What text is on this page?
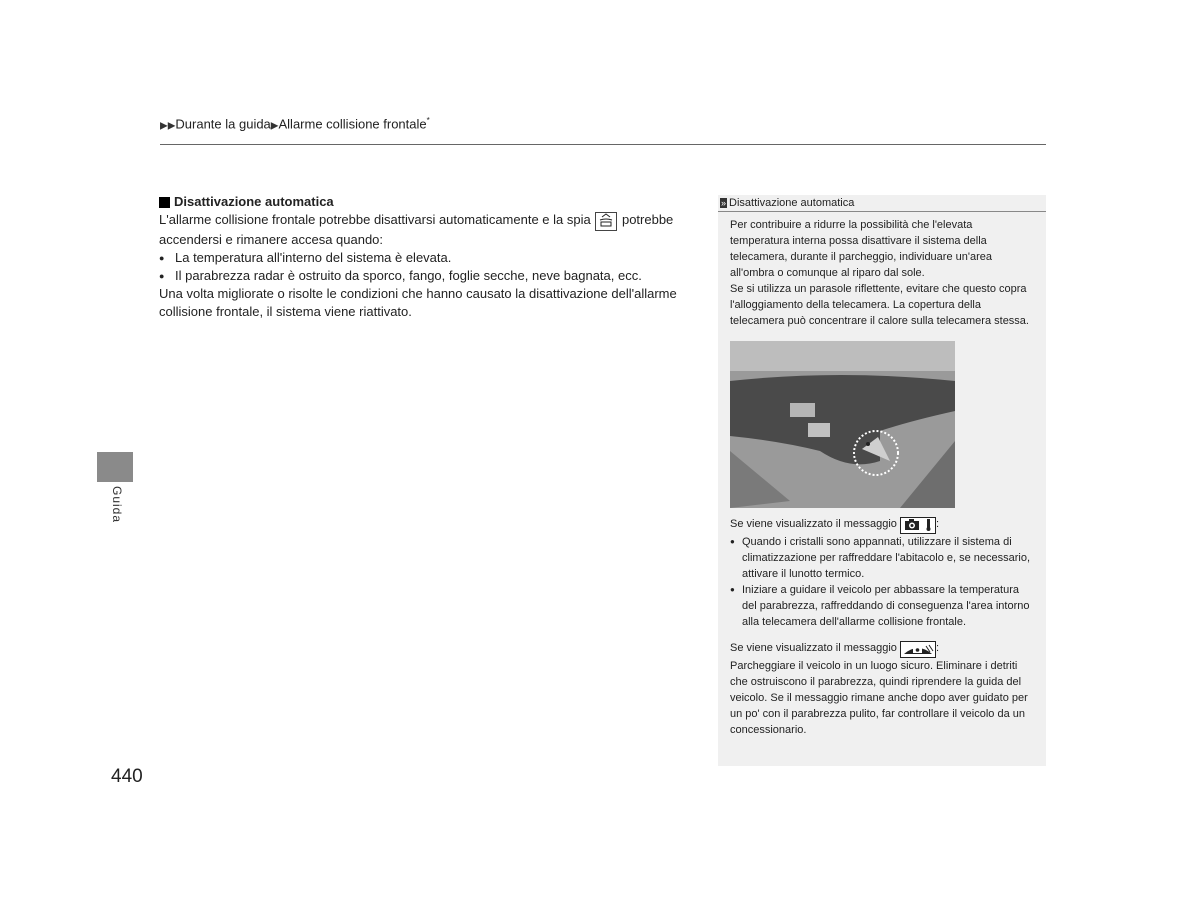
▶▶Durante la guida▶Allarme collisione frontale*
Guida
Disattivazione automatica

L'allarme collisione frontale potrebbe disattivarsi automaticamente e la spia potrebbe accendersi e rimanere accesa quando:

● La temperatura all'interno del sistema è elevata.
● Il parabrezza radar è ostruito da sporco, fango, foglie secche, neve bagnata, ecc.

Una volta migliorate o risolte le condizioni che hanno causato la disattivazione dell'allarme collisione frontale, il sistema viene riattivato.

» Disattivazione automatica

Per contribuire a ridurre la possibilità che l'elevata temperatura interna possa disattivare il sistema della telecamera, durante il parcheggio, individuare un'area all'ombra o comunque al riparo dal sole.

Se si utilizza un parasole riflettente, evitare che questo copra l'alloggiamento della telecamera. La copertura della telecamera può concentrare il calore sulla telecamera stessa.

Se viene visualizzato il messaggio	:

● Quando i cristalli sono appannati, utilizzare il sistema di climatizzazione per raffreddare l'abitacolo e, se necessario, attivare il lunotto termico.
● Iniziare a guidare il veicolo per abbassare la temperatura del parabrezza, raffreddando di conseguenza l'area intorno alla telecamera dell'allarme collisione frontale.

Se viene visualizzato il messaggio	:

Parcheggiare il veicolo in un luogo sicuro. Eliminare i detriti che ostruiscono il parabrezza, quindi riprendere la guida del veicolo. Se il messaggio rimane anche dopo aver guidato per un po' con il parabrezza pulito, far controllare il veicolo da un concessionario.

440
